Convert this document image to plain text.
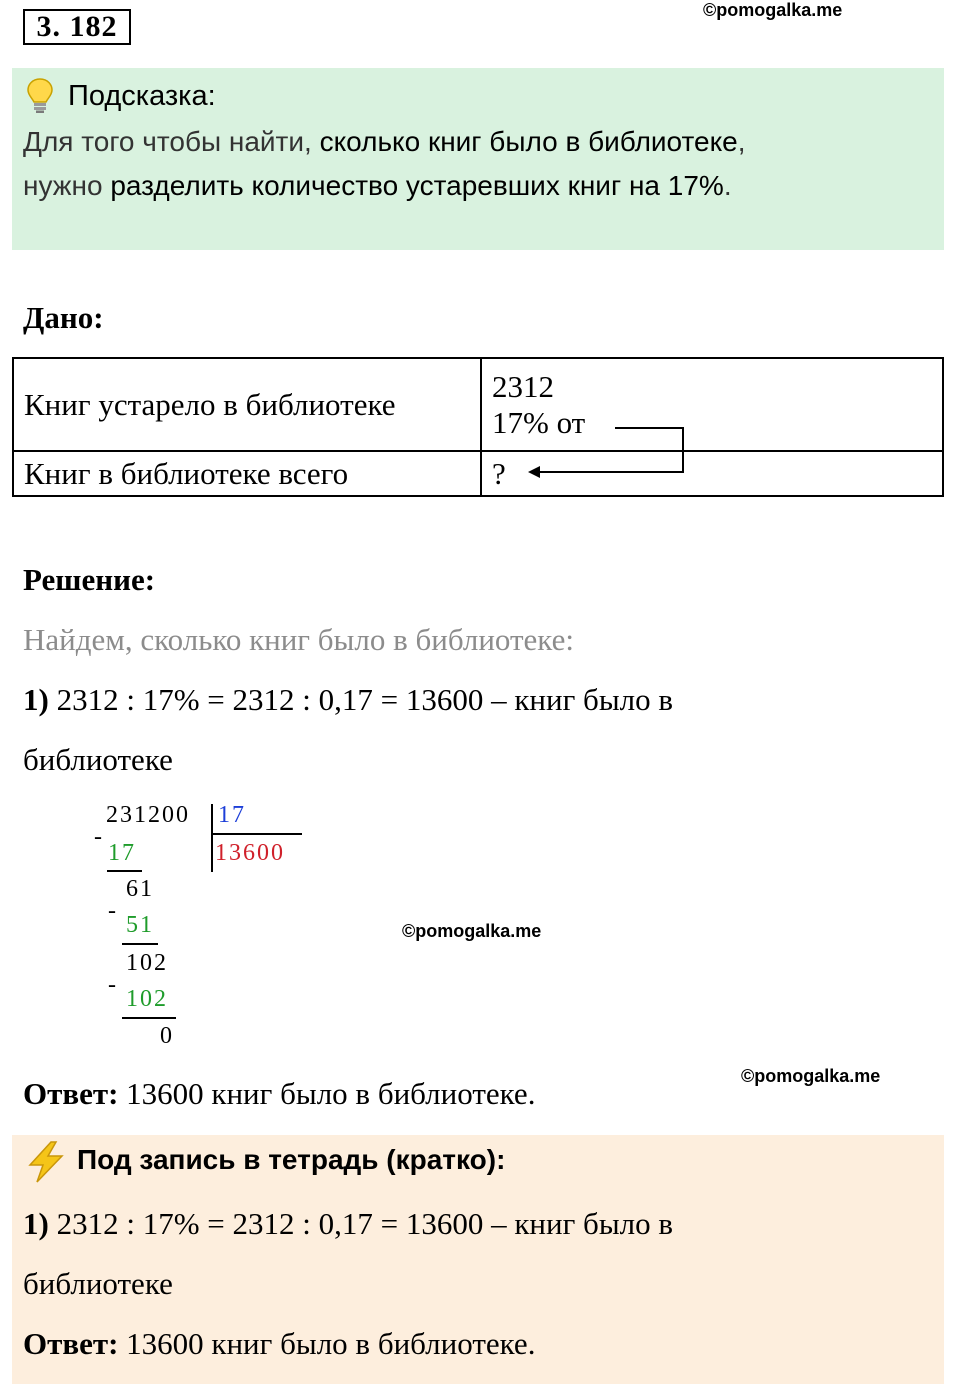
3. 182	©pomogalka.me
Подсказка:
Для того чтобы найти, сколько книг было в библиотеке,
нужно разделить количество устаревших книг на 17%.
Дано:
Книг устарело в библиотеке	2312
17% от

Книг в библиотеке всего	?
Решение:
Найдем, сколько книг было в библиотеке:
1) 2312 : 17% = 2312 : 0,17 = 13600 – книг было в
библиотеке
231200 17
13600
-
17
61
-
51
102
-
102
0
©pomogalka.me
Ответ: 13600 книг было в библиотеке.	©pomogalka.me
Под запись в тетрадь (кратко):
1) 2312 : 17% = 2312 : 0,17 = 13600 – книг было в
библиотеке
Ответ: 13600 книг было в библиотеке.
